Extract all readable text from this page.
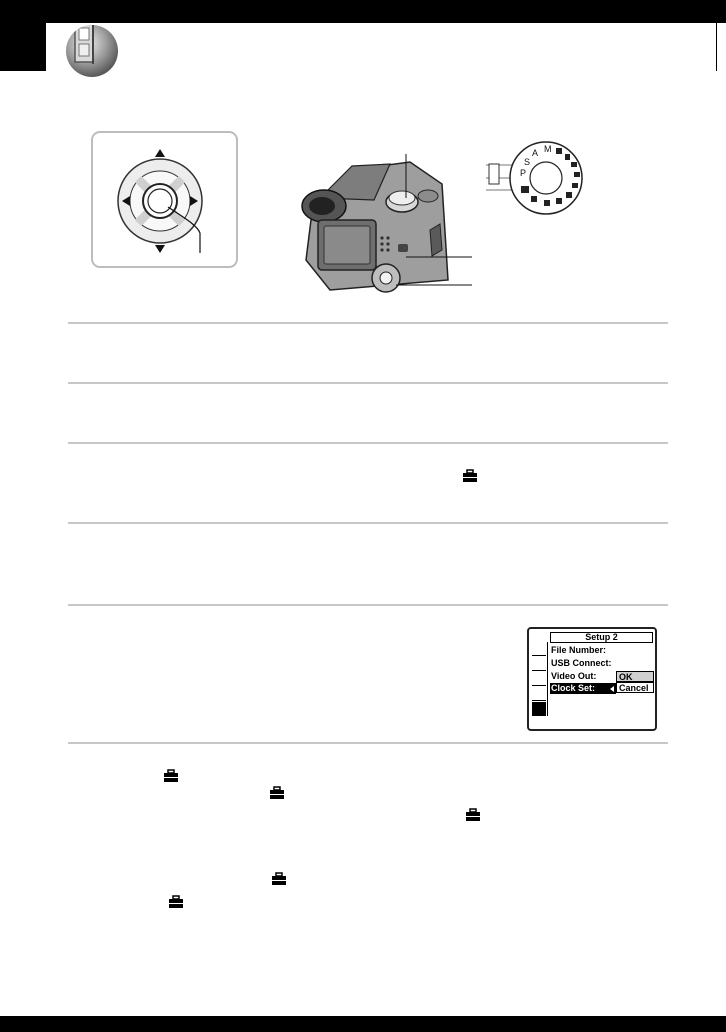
P
S
A M
Setup 2
File Number:
USB Connect:
Video Out:
Clock Set:
OK
Cancel
